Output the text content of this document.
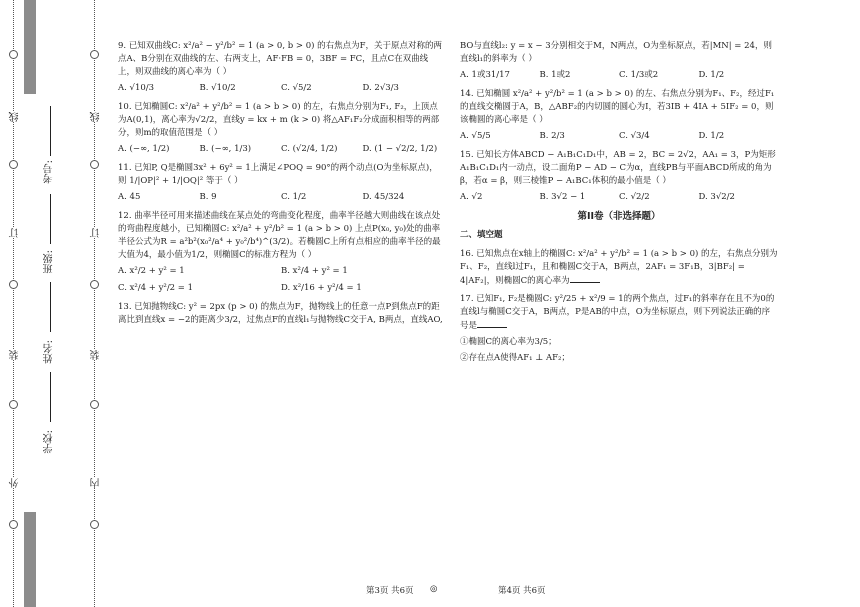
线
订
装
外
线
订
装
内
学校:
姓名:
班级:
考号:

9. 已知双曲线C: x²/a² − y²/b² = 1 (a > 0, b > 0) 的右焦点为F，关于原点对称的两点A、B分别在双曲线的左、右两支上，AF·FB = 0，3BF = FC，且点C在双曲线上，则双曲线的离心率为（ ）

A. √10/3	B. √10/2	C. √5/2	D. 2√3/3

10. 已知椭圆C: x²/a² + y²/b² = 1 (a > b > 0) 的左，右焦点分别为F₁, F₂，上顶点为A(0,1)，离心率为√2/2，直线y = kx + m (k > 0) 将△AF₁F₂分成面积相等的两部分，则m的取值范围是（ ）

A. (−∞, 1/2)	B. (−∞, 1/3)	C. (√2/4, 1/2)	D. (1 − √2/2, 1/2)

11. 已知P, Q是椭圆3x² + 6y² = 1上满足∠POQ = 90°的两个动点(O为坐标原点)，则 1/|OP|² + 1/|OQ|² 等于（ ）

A. 45	B. 9	C. 1/2	D. 45/324

12. 曲率半径可用来描述曲线在某点处的弯曲变化程度，曲率半径越大则曲线在该点处的弯曲程度越小，已知椭圆C: x²/a² + y²/b² = 1 (a > b > 0) 上点P(x₀, y₀)处的曲率半径公式为R = a²b²(x₀²/a⁴ + y₀²/b⁴)^(3/2)。若椭圆C上所有点相应的曲率半径的最大值为4，最小值为1/2，则椭圆C的标准方程为（ ）

A. x²/2 + y² = 1	B. x²/4 + y² = 1
C. x²/4 + y²/2 = 1	D. x²/16 + y²/4 = 1

13. 已知抛物线C: y² = 2px (p > 0) 的焦点为F，抛物线上的任意一点P到焦点F的距离比到直线x = −2的距离少3/2，过焦点F的直线l₁与抛物线C交于A, B两点，直线AO,

BO与直线l₂: y = x − 3分别相交于M，N两点，O为坐标原点，若|MN| = 24，则直线l₁的斜率为（ ）

A. 1或31/17	B. 1或2	C. 1/3或2	D. 1/2

14. 已知椭圆 x²/a² + y²/b² = 1 (a > b > 0) 的左、右焦点分别为F₁、F₂，经过F₁的直线交椭圆于A，B，△ABF₂的内切圆的圆心为I，若3IB + 4IA + 5IF₂ = 0，则该椭圆的离心率是（ ）

A. √5/5	B. 2/3	C. √3/4	D. 1/2

15. 已知长方体ABCD − A₁B₁C₁D₁中，AB = 2，BC = 2√2，AA₁ = 3，P为矩形A₁B₁C₁D₁内一动点，设二面角P − AD − C为α，直线PB与平面ABCD所成的角为β，若α = β，则三棱锥P − A₁BC₁体积的最小值是（ ）

A. √2	B. 3√2 − 1	C. √2/2	D. 3√2/2
第II卷（非选择题）
二、填空题

16. 已知焦点在x轴上的椭圆C: x²/a² + y²/b² = 1 (a > b > 0) 的左，右焦点分别为F₁、F₂，直线l过F₁，且和椭圆C交于A，B两点，2AF₁ = 3F₁B，3|BF₂| = 4|AF₂|，则椭圆C的离心率为

17. 已知F₁, F₂是椭圆C: y²/25 + x²/9 = 1的两个焦点，过F₁的斜率存在且不为0的直线l与椭圆C交于A，B两点，P是AB的中点，O为坐标原点，则下列说法正确的序号是

①椭圆C的离心率为3/5；

②存在点A使得AF₁ ⊥ AF₂；

第3页 共6页 ◎	第4页 共6页
